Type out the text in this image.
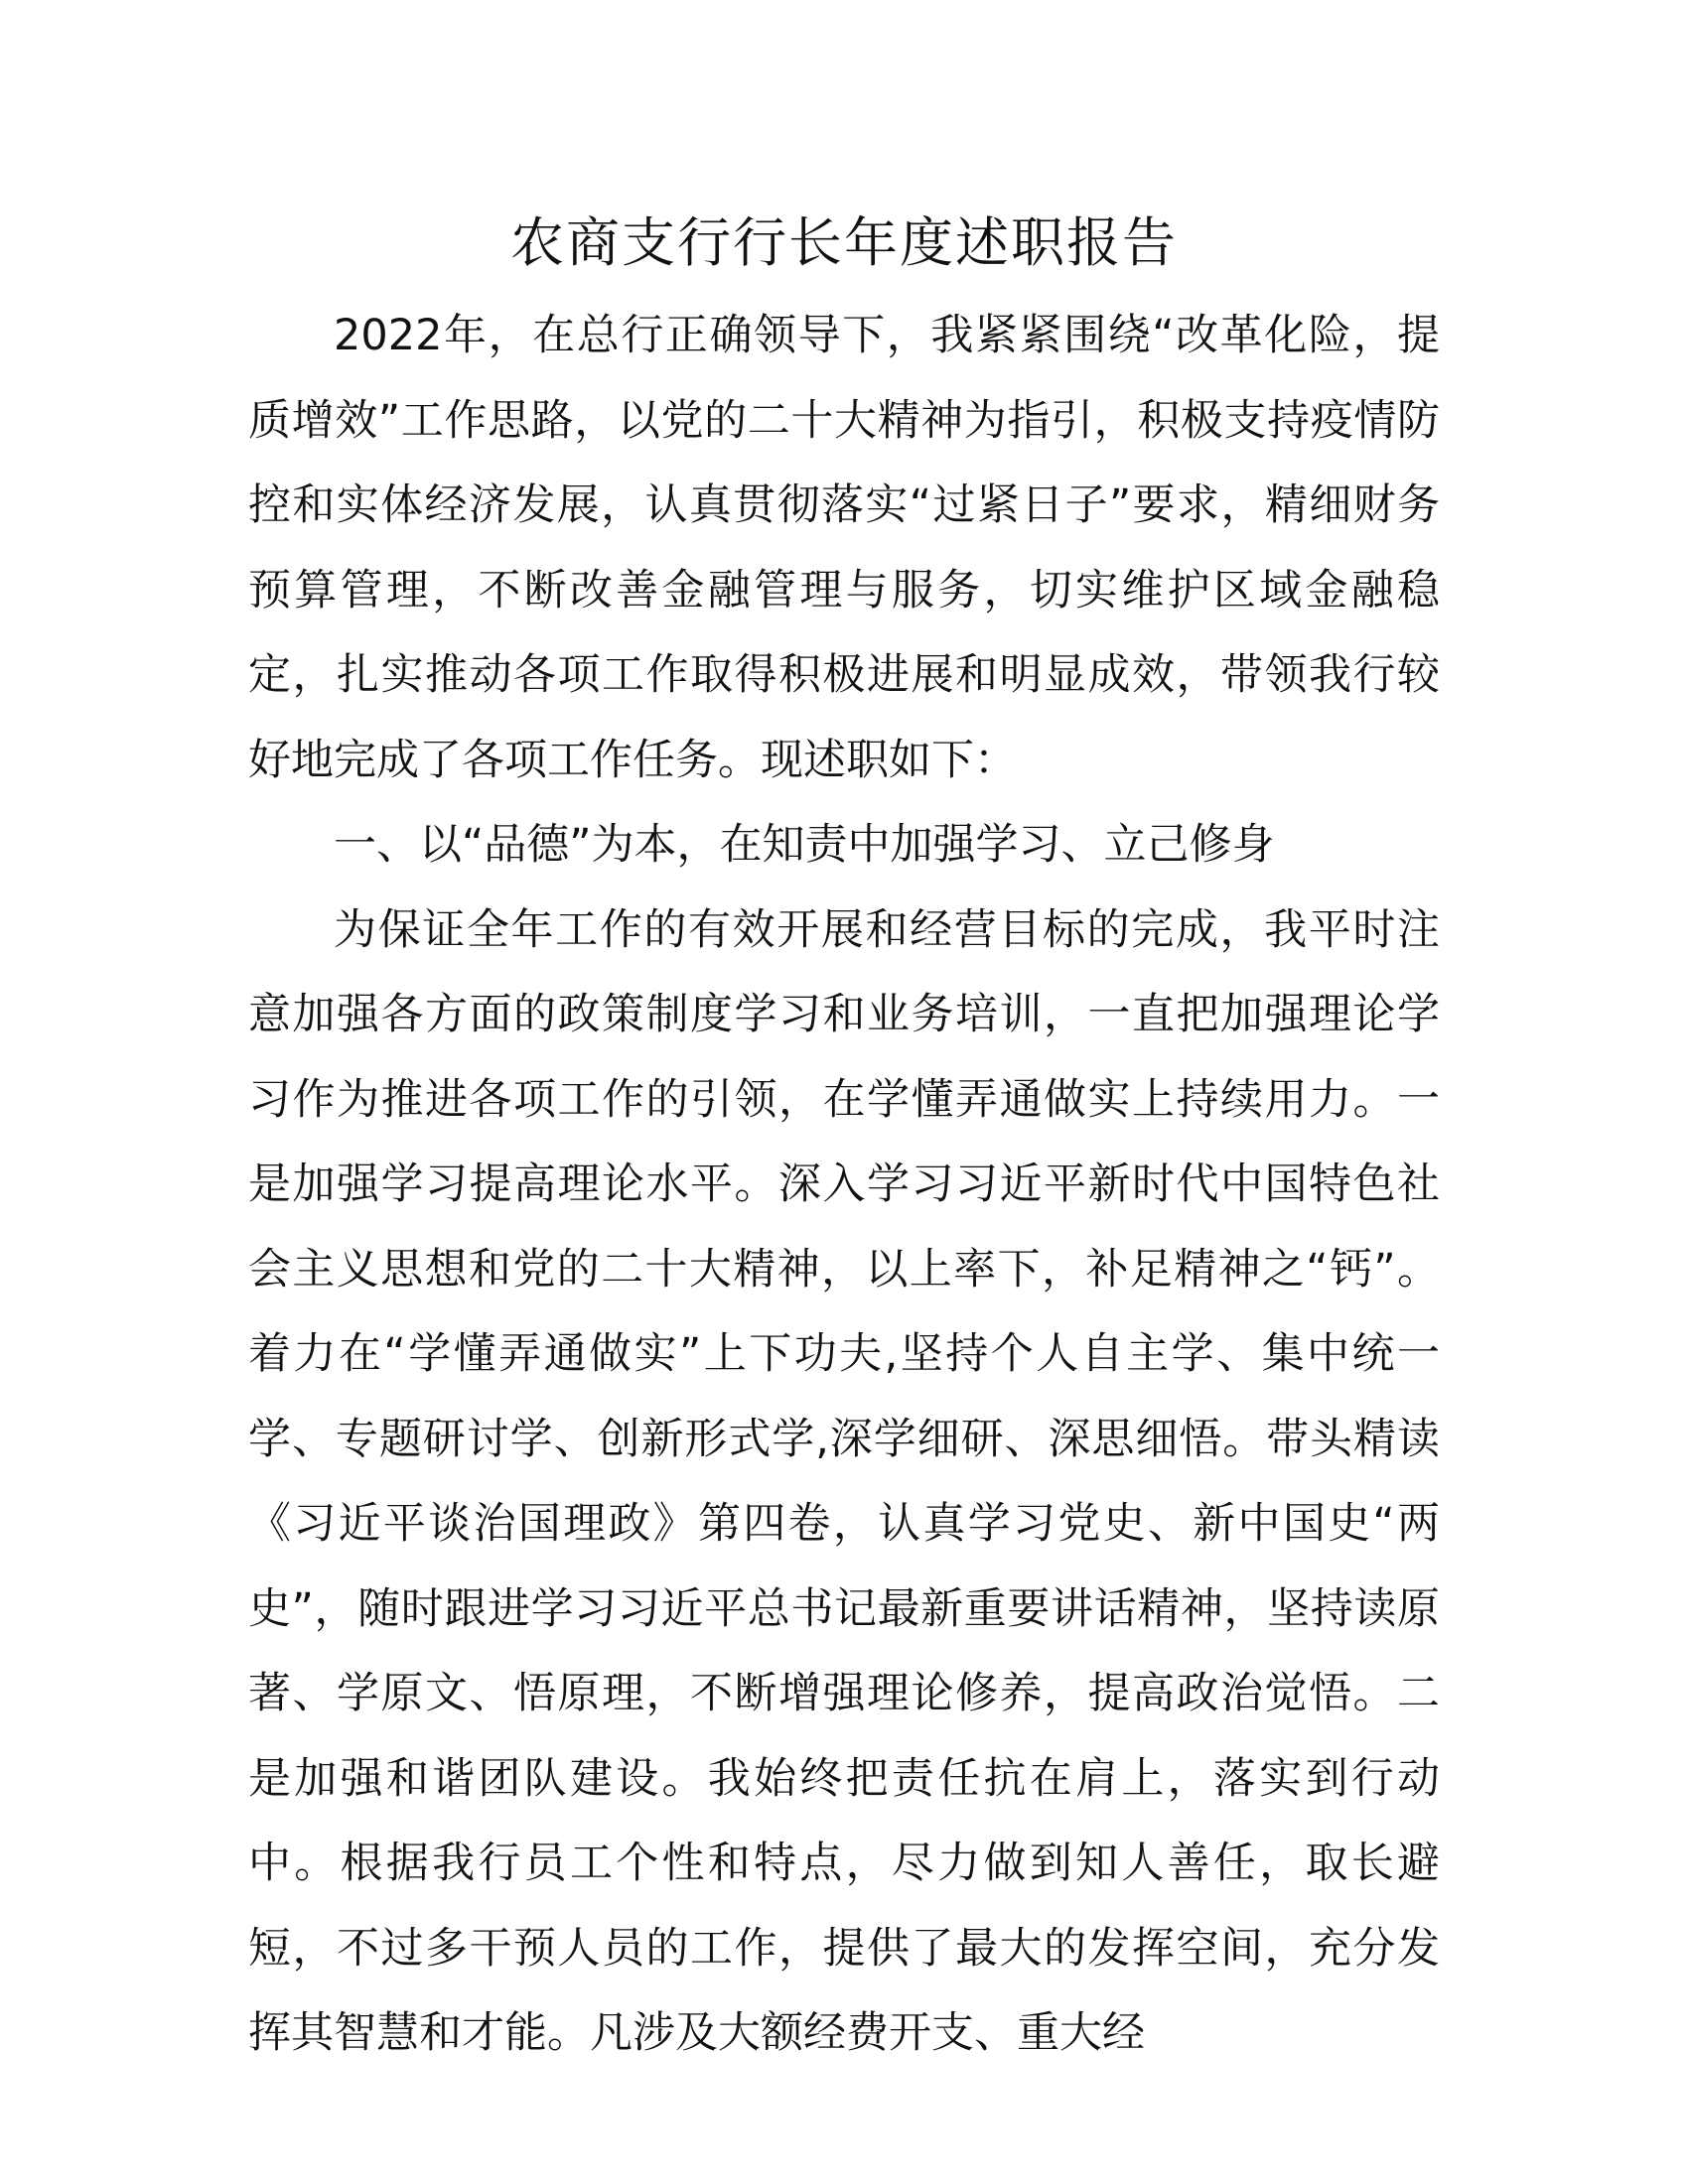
农商支行行长年度述职报告

2022年，在总行正确领导下，我紧紧围绕“改革化险，提质增效”工作思路，以党的二十大精神为指引，积极支持疫情防控和实体经济发展，认真贯彻落实“过紧日子”要求，精细财务预算管理，不断改善金融管理与服务，切实维护区域金融稳定，扎实推动各项工作取得积极进展和明显成效，带领我行较好地完成了各项工作任务。现述职如下：

一、以“品德”为本，在知责中加强学习、立己修身

为保证全年工作的有效开展和经营目标的完成，我平时注意加强各方面的政策制度学习和业务培训，一直把加强理论学习作为推进各项工作的引领，在学懂弄通做实上持续用力。一是加强学习提高理论水平。深入学习习近平新时代中国特色社会主义思想和党的二十大精神，以上率下，补足精神之“钙”。着力在“学懂弄通做实”上下功夫,坚持个人自主学、集中统一学、专题研讨学、创新形式学,深学细研、深思细悟。带头精读《习近平谈治国理政》第四卷，认真学习党史、新中国史“两史”，随时跟进学习习近平总书记最新重要讲话精神，坚持读原著、学原文、悟原理，不断增强理论修养，提高政治觉悟。二是加强和谐团队建设。我始终把责任抗在肩上，落实到行动中。根据我行员工个性和特点，尽力做到知人善任，取长避短，不过多干预人员的工作，提供了最大的发挥空间，充分发挥其智慧和才能。凡涉及大额经费开支、重大经
